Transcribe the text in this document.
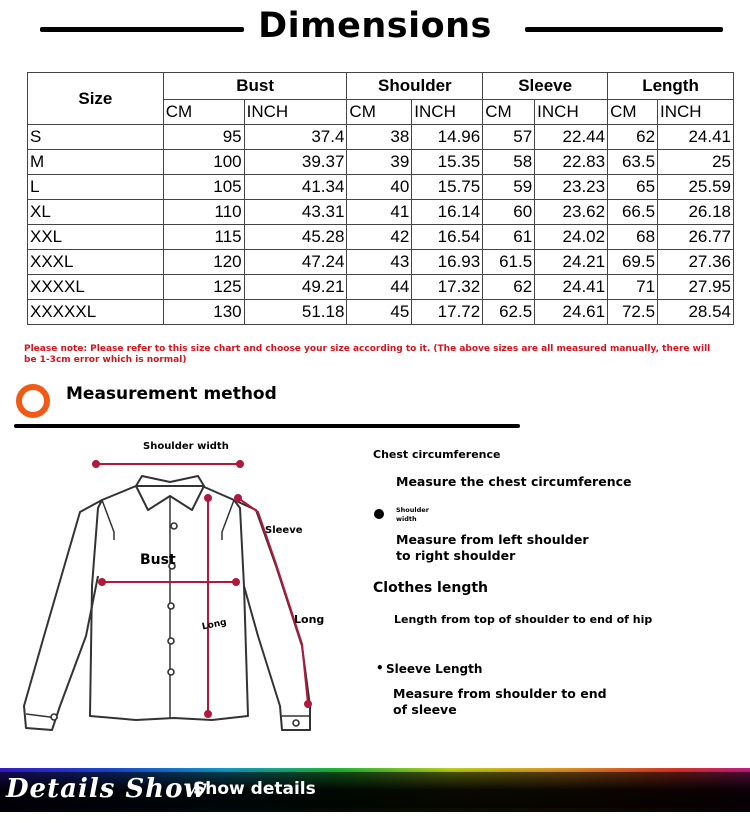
Dimensions
Size	Bust		Shoulder		Sleeve		Length	
	CM	INCH	CM	INCH	CM	INCH	CM	INCH
S	95	37.4	38	14.96	57	22.44	62	24.41
M	100	39.37	39	15.35	58	22.83	63.5	25
L	105	41.34	40	15.75	59	23.23	65	25.59
XL	110	43.31	41	16.14	60	23.62	66.5	26.18
XXL	115	45.28	42	16.54	61	24.02	68	26.77
XXXL	120	47.24	43	16.93	61.5	24.21	69.5	27.36
XXXXL	125	49.21	44	17.32	62	24.41	71	27.95
XXXXXL	130	51.18	45	17.72	62.5	24.61	72.5	28.54
Please note: Please refer to this size chart and choose your size according to it. (The above sizes are all measured manually, there will be 1-3cm error which is normal)
Measurement method
Shoulder width
Sleeve
Bust
Long	Long
Chest circumference
Measure the chest circumference
Shoulder width
Measure from left shoulder to right shoulder
Clothes length
Length from top of shoulder to end of hip
• Sleeve Length
Measure from shoulder to end of sleeve
Details Show
Show details
